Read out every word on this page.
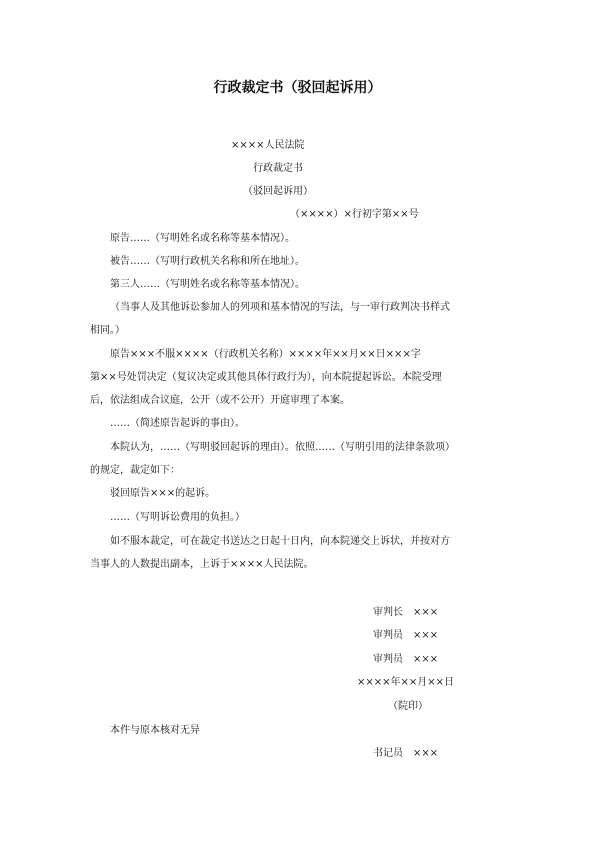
行政裁定书（驳回起诉用）
××××人民法院
行政裁定书
（驳回起诉用）
（××××）×行初字第××号
原告……（写明姓名或名称等基本情况）。
被告……（写明行政机关名称和所在地址）。
第三人……（写明姓名或名称等基本情况）。
（当事人及其他诉讼参加人的列项和基本情况的写法，与一审行政判决书样式
相同。）
原告×××不服××××（行政机关名称）××××年××月××日×××字
第××号处罚决定（复议决定或其他具体行政行为），向本院提起诉讼。本院受理
后，依法组成合议庭，公开（或不公开）开庭审理了本案。
……（简述原告起诉的事由）。
本院认为，……（写明驳回起诉的理由）。依照……（写明引用的法律条款项）
的规定，裁定如下：
驳回原告×××的起诉。
……（写明诉讼费用的负担。）
如不服本裁定，可在裁定书送达之日起十日内，向本院递交上诉状，并按对方
当事人的人数提出副本，上诉于××××人民法院。
审判长　×××
审判员　×××
审判员　×××
××××年××月××日
（院印）
本件与原本核对无异
书记员　×××
